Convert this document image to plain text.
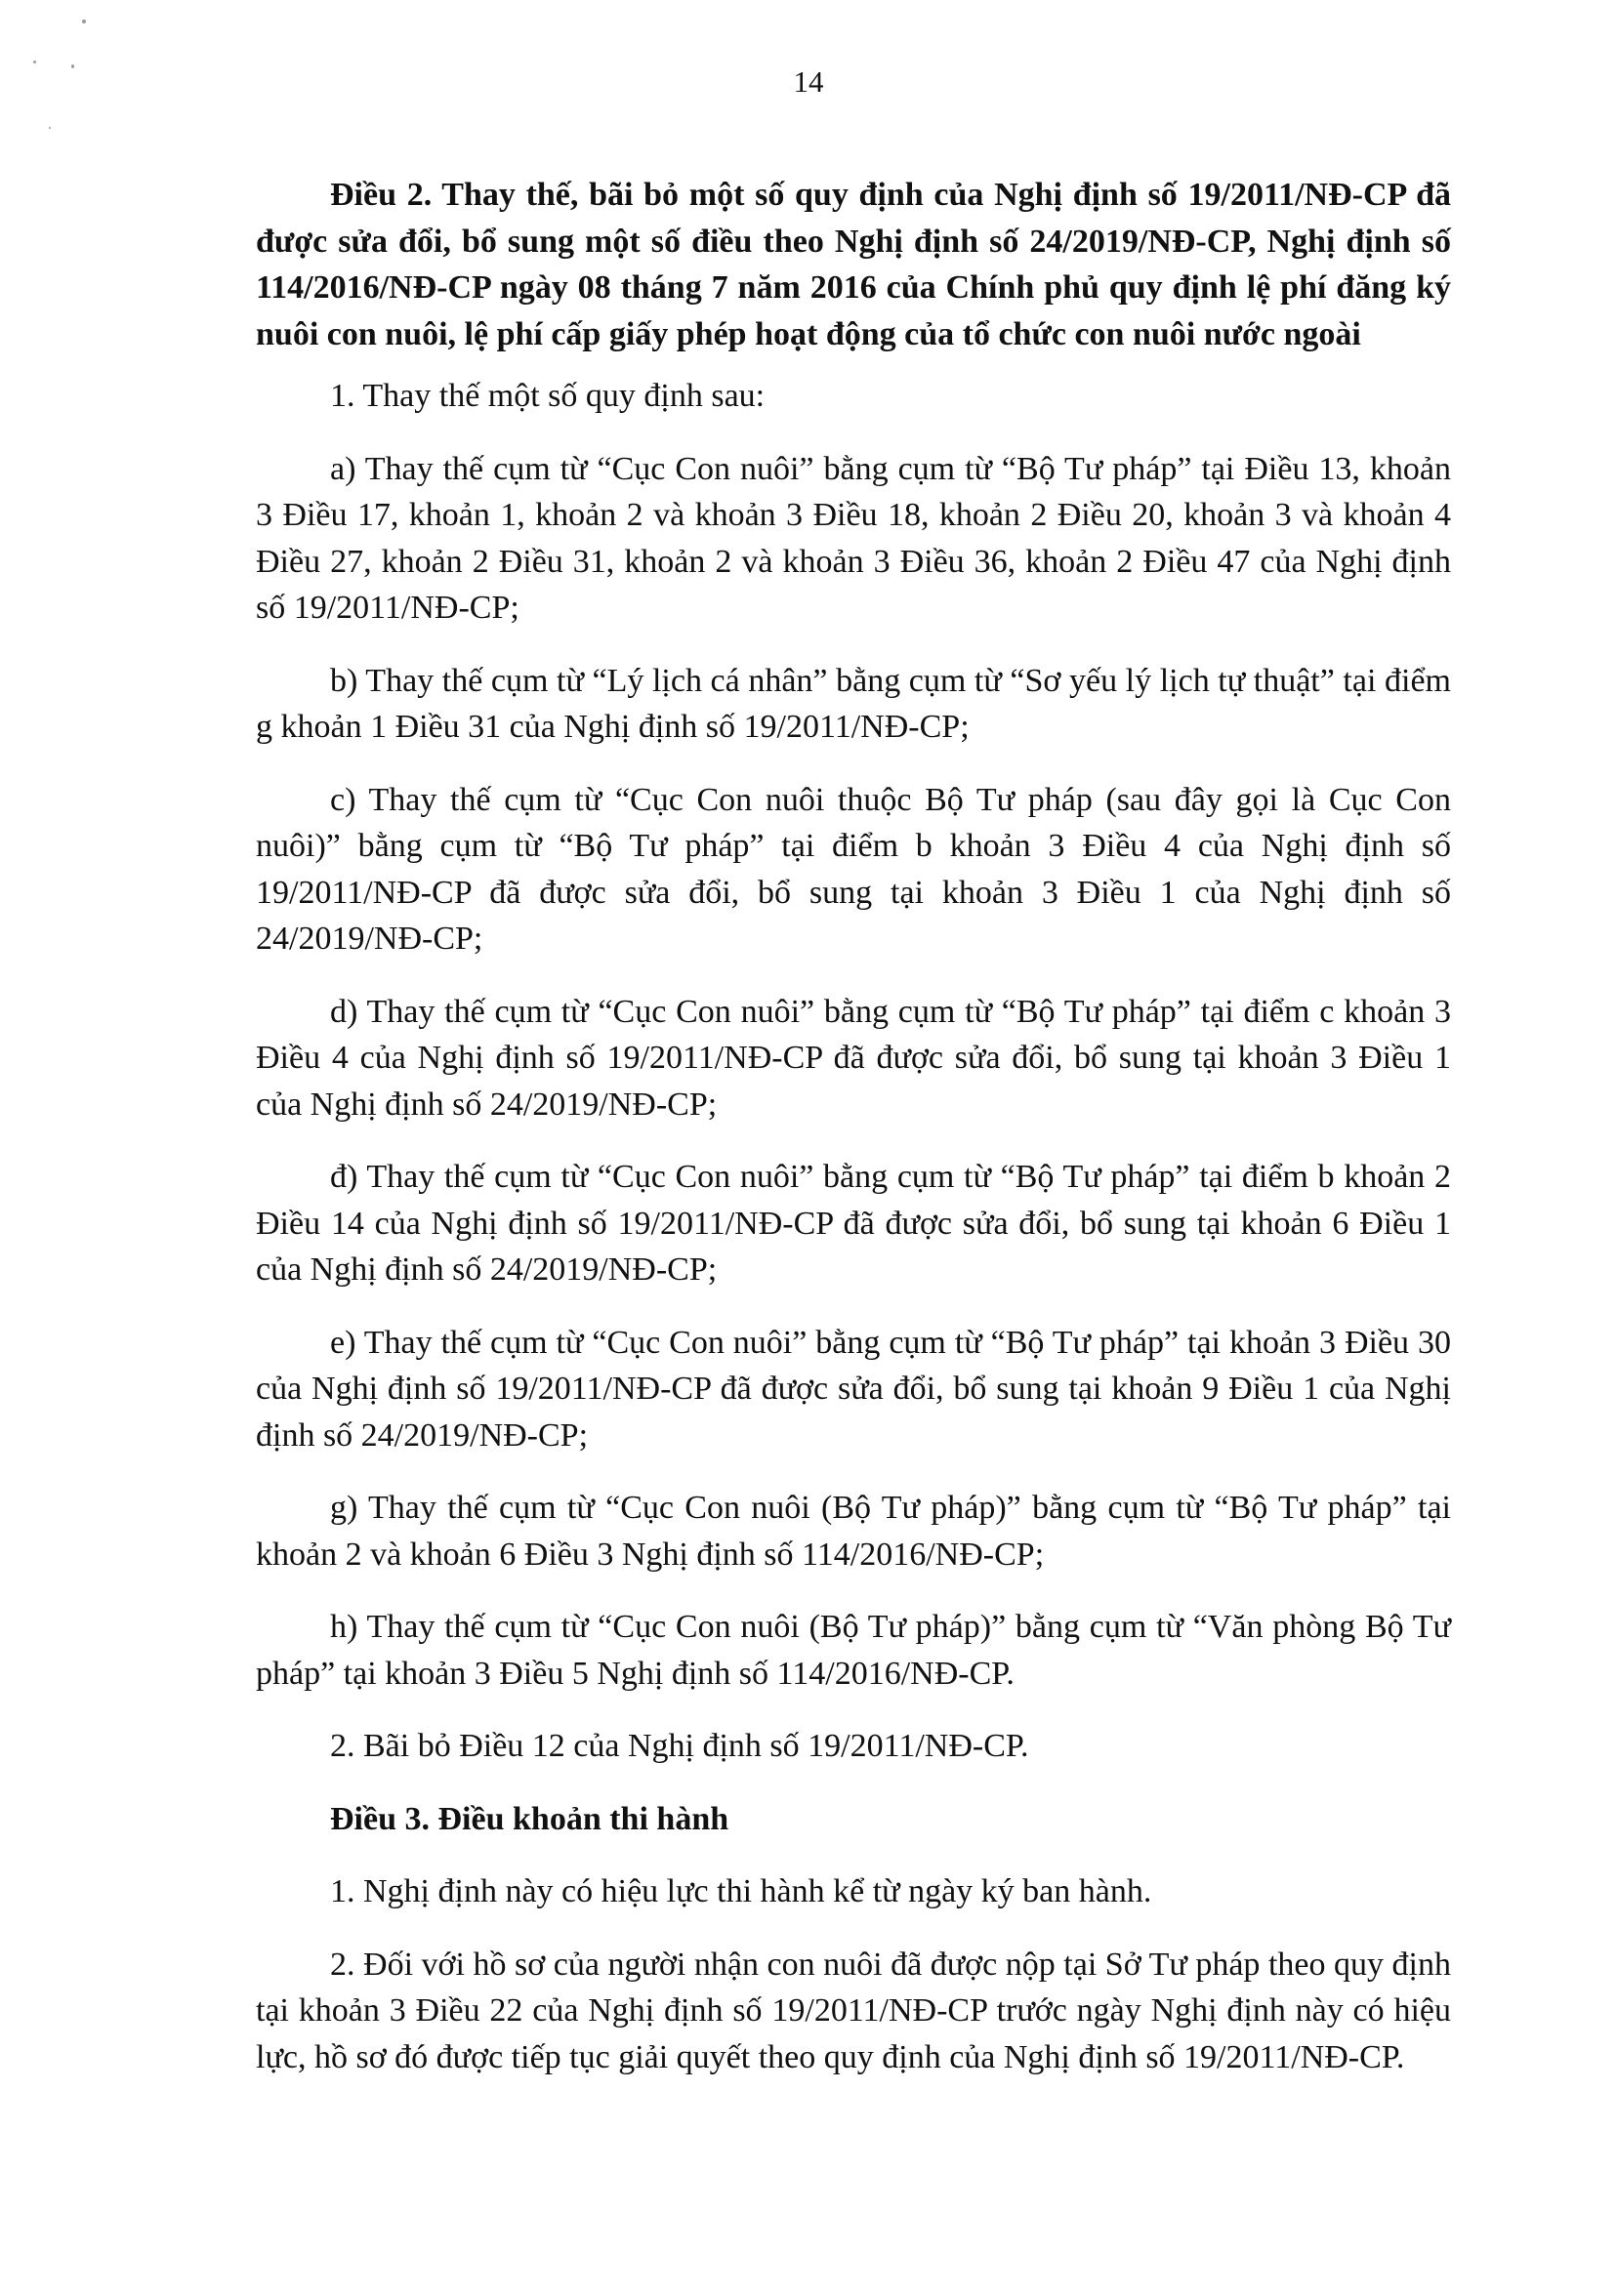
14

Điều 2. Thay thế, bãi bỏ một số quy định của Nghị định số 19/2011/NĐ-CP đã được sửa đổi, bổ sung một số điều theo Nghị định số 24/2019/NĐ-CP, Nghị định số 114/2016/NĐ-CP ngày 08 tháng 7 năm 2016 của Chính phủ quy định lệ phí đăng ký nuôi con nuôi, lệ phí cấp giấy phép hoạt động của tổ chức con nuôi nước ngoài

1. Thay thế một số quy định sau:

a) Thay thế cụm từ “Cục Con nuôi” bằng cụm từ “Bộ Tư pháp” tại Điều 13, khoản 3 Điều 17, khoản 1, khoản 2 và khoản 3 Điều 18, khoản 2 Điều 20, khoản 3 và khoản 4 Điều 27, khoản 2 Điều 31, khoản 2 và khoản 3 Điều 36, khoản 2 Điều 47 của Nghị định số 19/2011/NĐ-CP;

b) Thay thế cụm từ “Lý lịch cá nhân” bằng cụm từ “Sơ yếu lý lịch tự thuật” tại điểm g khoản 1 Điều 31 của Nghị định số 19/2011/NĐ-CP;

c) Thay thế cụm từ “Cục Con nuôi thuộc Bộ Tư pháp (sau đây gọi là Cục Con nuôi)” bằng cụm từ “Bộ Tư pháp” tại điểm b khoản 3 Điều 4 của Nghị định số 19/2011/NĐ-CP đã được sửa đổi, bổ sung tại khoản 3 Điều 1 của Nghị định số 24/2019/NĐ-CP;

d) Thay thế cụm từ “Cục Con nuôi” bằng cụm từ “Bộ Tư pháp” tại điểm c khoản 3 Điều 4 của Nghị định số 19/2011/NĐ-CP đã được sửa đổi, bổ sung tại khoản 3 Điều 1 của Nghị định số 24/2019/NĐ-CP;

đ) Thay thế cụm từ “Cục Con nuôi” bằng cụm từ “Bộ Tư pháp” tại điểm b khoản 2 Điều 14 của Nghị định số 19/2011/NĐ-CP đã được sửa đổi, bổ sung tại khoản 6 Điều 1 của Nghị định số 24/2019/NĐ-CP;

e) Thay thế cụm từ “Cục Con nuôi” bằng cụm từ “Bộ Tư pháp” tại khoản 3 Điều 30 của Nghị định số 19/2011/NĐ-CP đã được sửa đổi, bổ sung tại khoản 9 Điều 1 của Nghị định số 24/2019/NĐ-CP;

g) Thay thế cụm từ “Cục Con nuôi (Bộ Tư pháp)” bằng cụm từ “Bộ Tư pháp” tại khoản 2 và khoản 6 Điều 3 Nghị định số 114/2016/NĐ-CP;

h) Thay thế cụm từ “Cục Con nuôi (Bộ Tư pháp)” bằng cụm từ “Văn phòng Bộ Tư pháp” tại khoản 3 Điều 5 Nghị định số 114/2016/NĐ-CP.

2. Bãi bỏ Điều 12 của Nghị định số 19/2011/NĐ-CP.

Điều 3. Điều khoản thi hành

1. Nghị định này có hiệu lực thi hành kể từ ngày ký ban hành.

2. Đối với hồ sơ của người nhận con nuôi đã được nộp tại Sở Tư pháp theo quy định tại khoản 3 Điều 22 của Nghị định số 19/2011/NĐ-CP trước ngày Nghị định này có hiệu lực, hồ sơ đó được tiếp tục giải quyết theo quy định của Nghị định số 19/2011/NĐ-CP.
